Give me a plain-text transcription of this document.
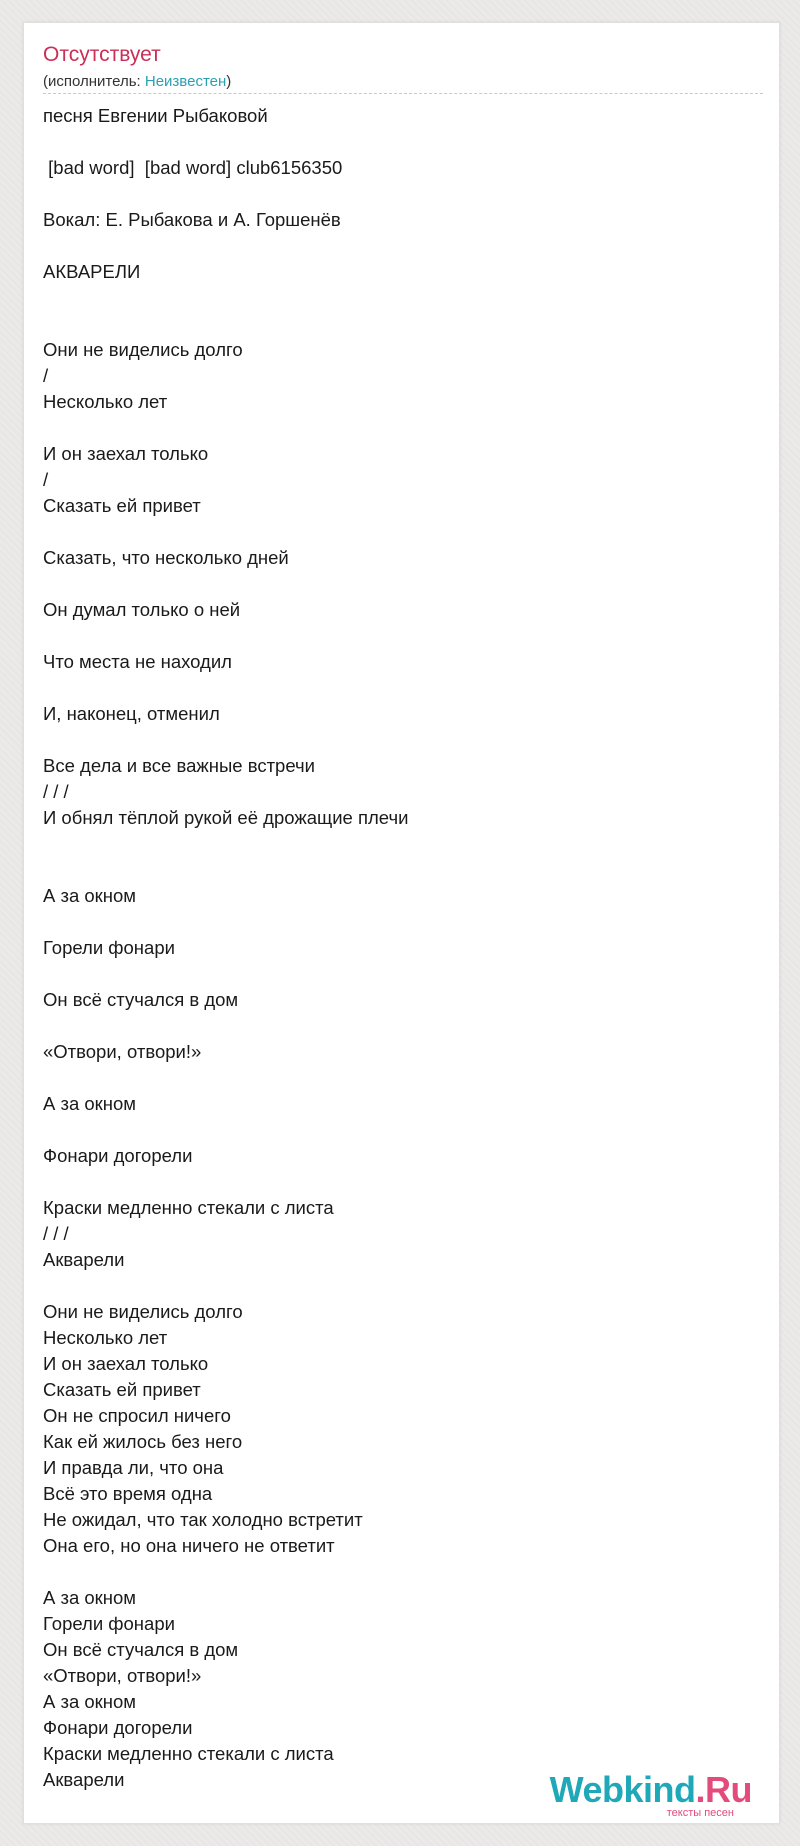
Отсутствует
(исполнитель: Неизвестен)
песня Евгении Рыбаковой
[bad word]  [bad word] club6156350
Вокал: Е. Рыбакова и А. Горшенёв
АКВАРЕЛИ
Они не виделись долго
/
Несколько лет
И он заехал только
/
Сказать ей привет
Сказать, что несколько дней
Он думал только о ней
Что места не находил
И, наконец, отменил
Все дела и все важные встречи
/ / /
И обнял тёплой рукой её дрожащие плечи
А за окном
Горели фонари
Он всё стучался в дом
«Отвори, отвори!»
А за окном
Фонари догорели
Краски медленно стекали с листа
/ / /
Акварели
Они не виделись долго
Несколько лет
И он заехал только
Сказать ей привет
Он не спросил ничего
Как ей жилось без него
И правда ли, что она
Всё это время одна
Не ожидал, что так холодно встретит
Она его, но она ничего не ответит
А за окном
Горели фонари
Он всё стучался в дом
«Отвори, отвори!»
А за окном
Фонари догорели
Краски медленно стекали с листа
Акварели	Webkind.Ru
тексты песен
